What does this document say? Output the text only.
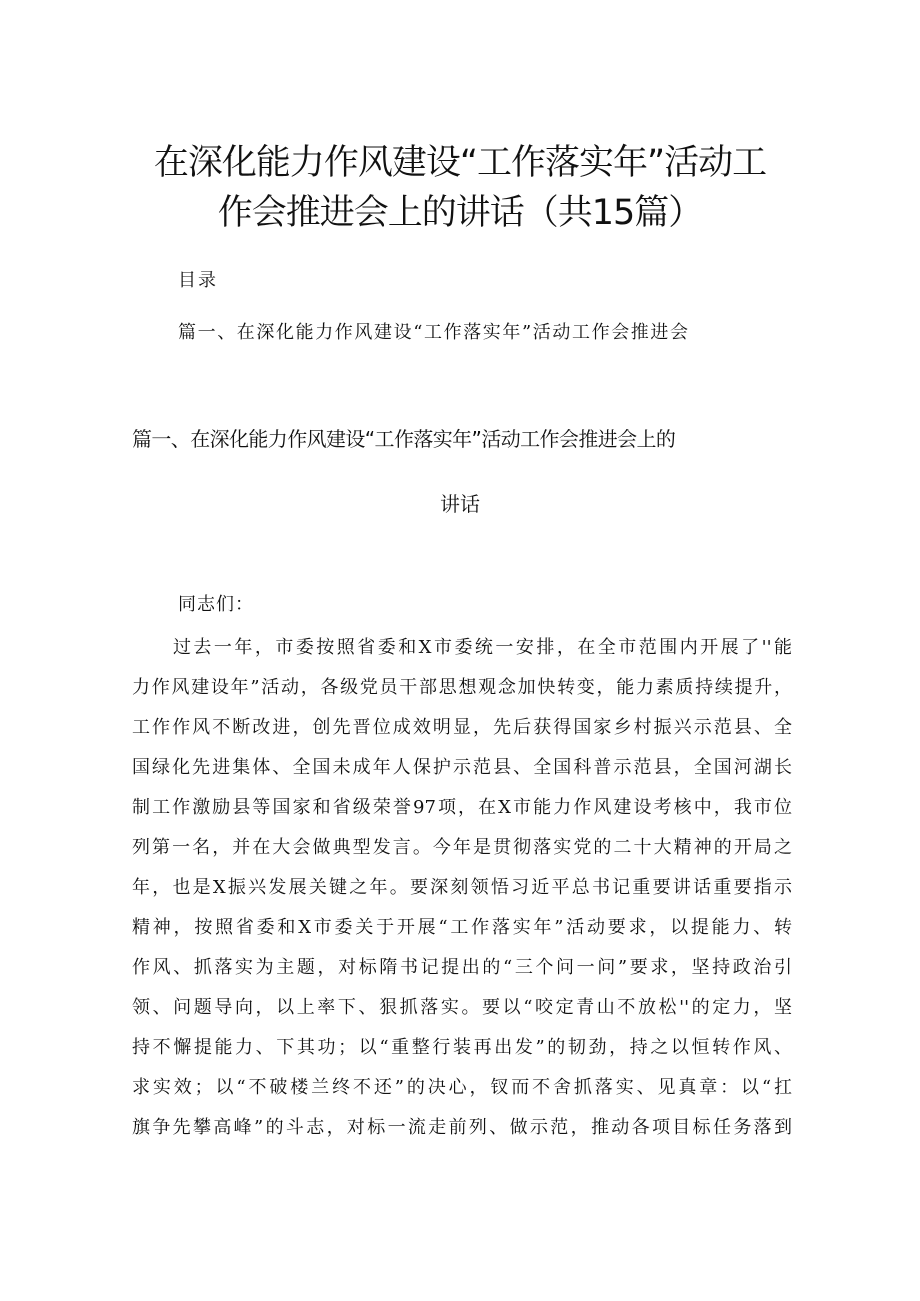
在深化能力作风建设“工作落实年”活动工
作会推进会上的讲话（共15篇）
目录
篇一、在深化能力作风建设“工作落实年”活动工作会推进会
篇一、在深化能力作风建设“工作落实年”活动工作会推进会上的
讲话
同志们：
　　过去一年，市委按照省委和X市委统一安排，在全市范围内开展了''能
力作风建设年”活动，各级党员干部思想观念加快转变，能力素质持续提升，
工作作风不断改进，创先晋位成效明显，先后获得国家乡村振兴示范县、全
国绿化先进集体、全国未成年人保护示范县、全国科普示范县，全国河湖长
制工作激励县等国家和省级荣誉97项，在X市能力作风建设考核中，我市位
列第一名，并在大会做典型发言。今年是贯彻落实党的二十大精神的开局之
年，也是X振兴发展关键之年。要深刻领悟习近平总书记重要讲话重要指示
精神，按照省委和X市委关于开展“工作落实年”活动要求，以提能力、转
作风、抓落实为主题，对标隋书记提出的“三个问一问”要求，坚持政治引
领、问题导向，以上率下、狠抓落实。要以“咬定青山不放松''的定力，坚
持不懈提能力、下其功；以“重整行装再出发”的韧劲，持之以恒转作风、
求实效；以“不破楼兰终不还”的决心，钗而不舍抓落实、见真章：以“扛
旗争先攀高峰”的斗志，对标一流走前列、做示范，推动各项目标任务落到
